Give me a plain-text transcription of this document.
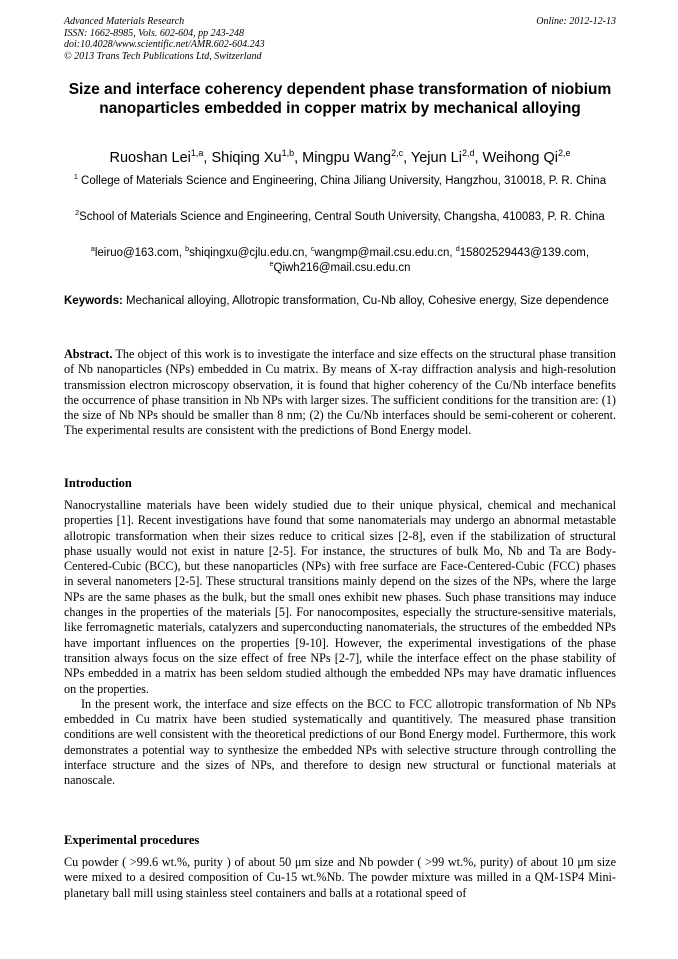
Advanced Materials Research
ISSN: 1662-8985, Vols. 602-604, pp 243-248
doi:10.4028/www.scientific.net/AMR.602-604.243
© 2013 Trans Tech Publications Ltd, Switzerland
Online: 2012-12-13
Size and interface coherency dependent phase transformation of niobium nanoparticles embedded in copper matrix by mechanical alloying
Ruoshan Lei$^{1,a}$, Shiqing Xu$^{1,b}$, Mingpu Wang$^{2,c}$, Yejun Li$^{2,d}$, Weihong Qi$^{2,e}$
$^1$ College of Materials Science and Engineering, China Jiliang University, Hangzhou, 310018, P. R. China
$^2$School of Materials Science and Engineering, Central South University, Changsha, 410083, P. R. China
$^a$leiruo@163.com, $^b$shiqingxu@cjlu.edu.cn, $^c$wangmp@mail.csu.edu.cn, $^d$15802529443@139.com,
$^e$Qiwh216@mail.csu.edu.cn
Keywords: Mechanical alloying, Allotropic transformation, Cu-Nb alloy, Cohesive energy, Size dependence
Abstract. The object of this work is to investigate the interface and size effects on the structural phase transition of Nb nanoparticles (NPs) embedded in Cu matrix. By means of X-ray diffraction analysis and high-resolution transmission electron microscopy observation, it is found that higher coherency of the Cu/Nb interface benefits the occurrence of phase transition in Nb NPs with larger sizes. The sufficient conditions for the transition are: (1) the size of Nb NPs should be smaller than 8 nm; (2) the Cu/Nb interfaces should be semi-coherent or coherent. The experimental results are consistent with the predictions of Bond Energy model.
Introduction

Nanocrystalline materials have been widely studied due to their unique physical, chemical and mechanical properties [1]. Recent investigations have found that some nanomaterials may undergo an abnormal metastable allotropic transformation when their sizes reduce to critical sizes [2-8], even if the stabilization of structural phase usually would not exist in nature [2-5]. For instance, the structures of bulk Mo, Nb and Ta are Body-Centered-Cubic (BCC), but these nanoparticles (NPs) with free surface are Face-Centered-Cubic (FCC) phases in several nanometers [2-5]. These structural transitions mainly depend on the sizes of the NPs, where the large NPs are the same phases as the bulk, but the small ones exhibit new phases. Such phase transitions may induce changes in the properties of the materials [5]. For nanocomposites, especially the structure-sensitive materials, like ferromagnetic materials, catalyzers and superconducting nanomaterials, the structures of the embedded NPs have important influences on the properties [9-10]. However, the experimental investigations of the phase transition always focus on the size effect of free NPs [2-7], while the interface effect on the phase stability of NPs embedded in a matrix has been seldom studied although the embedded NPs may have dramatic influences on the properties.

In the present work, the interface and size effects on the BCC to FCC allotropic transformation of Nb NPs embedded in Cu matrix have been studied systematically and quantitively. The measured phase transition conditions are well consistent with the theoretical predictions of our Bond Energy model. Furthermore, this work demonstrates a potential way to synthesize the embedded NPs with selective structure through controlling the interface structure and the sizes of NPs, and therefore to design new structural or functional materials at nanoscale.

Experimental procedures
Cu powder ( >99.6 wt.%, purity ) of about 50 μm size and Nb powder ( >99 wt.%, purity) of about 10 μm size were mixed to a desired composition of Cu-15 wt.%Nb. The powder mixture was milled in a QM-1SP4 Mini-planetary ball mill using stainless steel containers and balls at a rotational speed of
